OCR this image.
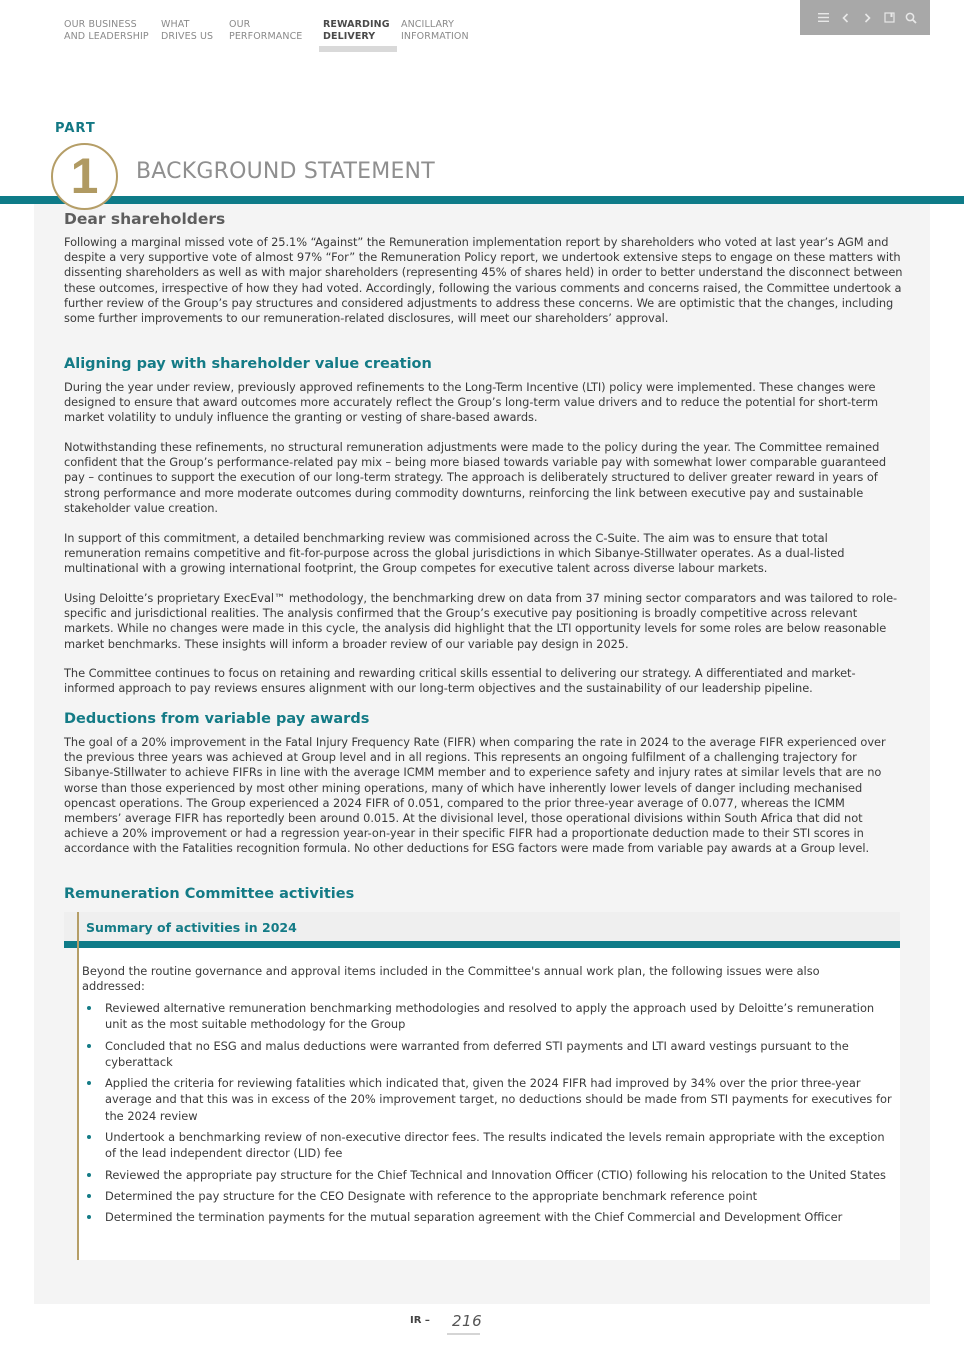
OUR BUSINESS
AND LEADERSHIP
WHAT
DRIVES US
OUR
PERFORMANCE
REWARDING
DELIVERY
ANCILLARY
INFORMATION
PART
1 BACKGROUND STATEMENT
Dear shareholders

Following a marginal missed vote of 25.1% “Against” the Remuneration implementation report by shareholders who voted at last year’s AGM and despite a very supportive vote of almost 97% “For” the Remuneration Policy report, we undertook extensive steps to engage on these matters with dissenting shareholders as well as with major shareholders (representing 45% of shares held) in order to better understand the disconnect between these outcomes, irrespective of how they had voted. Accordingly, following the various comments and concerns raised, the Committee undertook a further review of the Group’s pay structures and considered adjustments to address these concerns. We are optimistic that the changes, including some further improvements to our remuneration-related disclosures, will meet our shareholders’ approval.

Aligning pay with shareholder value creation

During the year under review, previously approved refinements to the Long-Term Incentive (LTI) policy were implemented. These changes were designed to ensure that award outcomes more accurately reflect the Group’s long-term value drivers and to reduce the potential for short-term market volatility to unduly influence the granting or vesting of share-based awards.

Notwithstanding these refinements, no structural remuneration adjustments were made to the policy during the year. The Committee remained confident that the Group’s performance-related pay mix – being more biased towards variable pay with somewhat lower comparable guaranteed pay – continues to support the execution of our long-term strategy. The approach is deliberately structured to deliver greater reward in years of strong performance and more moderate outcomes during commodity downturns, reinforcing the link between executive pay and sustainable stakeholder value creation.

In support of this commitment, a detailed benchmarking review was commisioned across the C-Suite. The aim was to ensure that total remuneration remains competitive and fit-for-purpose across the global jurisdictions in which Sibanye-Stillwater operates. As a dual-listed multinational with a growing international footprint, the Group competes for executive talent across diverse labour markets.

Using Deloitte’s proprietary ExecEval™ methodology, the benchmarking drew on data from 37 mining sector comparators and was tailored to role-specific and jurisdictional realities. The analysis confirmed that the Group’s executive pay positioning is broadly competitive across relevant markets. While no changes were made in this cycle, the analysis did highlight that the LTI opportunity levels for some roles are below reasonable market benchmarks. These insights will inform a broader review of our variable pay design in 2025.

The Committee continues to focus on retaining and rewarding critical skills essential to delivering our strategy. A differentiated and market-informed approach to pay reviews ensures alignment with our long-term objectives and the sustainability of our leadership pipeline.

Deductions from variable pay awards

The goal of a 20% improvement in the Fatal Injury Frequency Rate (FIFR) when comparing the rate in 2024 to the average FIFR experienced over the previous three years was achieved at Group level and in all regions. This represents an ongoing fulfilment of a challenging trajectory for Sibanye-Stillwater to achieve FIFRs in line with the average ICMM member and to experience safety and injury rates at similar levels that are no worse than those experienced by most other mining operations, many of which have inherently lower levels of danger including mechanised opencast operations. The Group experienced a 2024 FIFR of 0.051, compared to the prior three-year average of 0.077, whereas the ICMM members’ average FIFR has reportedly been around 0.015. At the divisional level, those operational divisions within South Africa that did not achieve a 20% improvement or had a regression year-on-year in their specific FIFR had a proportionate deduction made to their STI scores in accordance with the Fatalities recognition formula. No other deductions for ESG factors were made from variable pay awards at a Group level.

Remuneration Committee activities
Summary of activities in 2024

Beyond the routine governance and approval items included in the Committee's annual work plan, the following issues were also addressed:

Reviewed alternative remuneration benchmarking methodologies and resolved to apply the approach used by Deloitte’s remuneration unit as the most suitable methodology for the Group
Concluded that no ESG and malus deductions were warranted from deferred STI payments and LTI award vestings pursuant to the cyberattack
Applied the criteria for reviewing fatalities which indicated that, given the 2024 FIFR had improved by 34% over the prior three-year average and that this was in excess of the 20% improvement target, no deductions should be made from STI payments for executives for the 2024 review
Undertook a benchmarking review of non-executive director fees. The results indicated the levels remain appropriate with the exception of the lead independent director (LID) fee
Reviewed the appropriate pay structure for the Chief Technical and Innovation Officer (CTIO) following his relocation to the United States
Determined the pay structure for the CEO Designate with reference to the appropriate benchmark reference point
Determined the termination payments for the mutual separation agreement with the Chief Commercial and Development Officer
IR – 216
